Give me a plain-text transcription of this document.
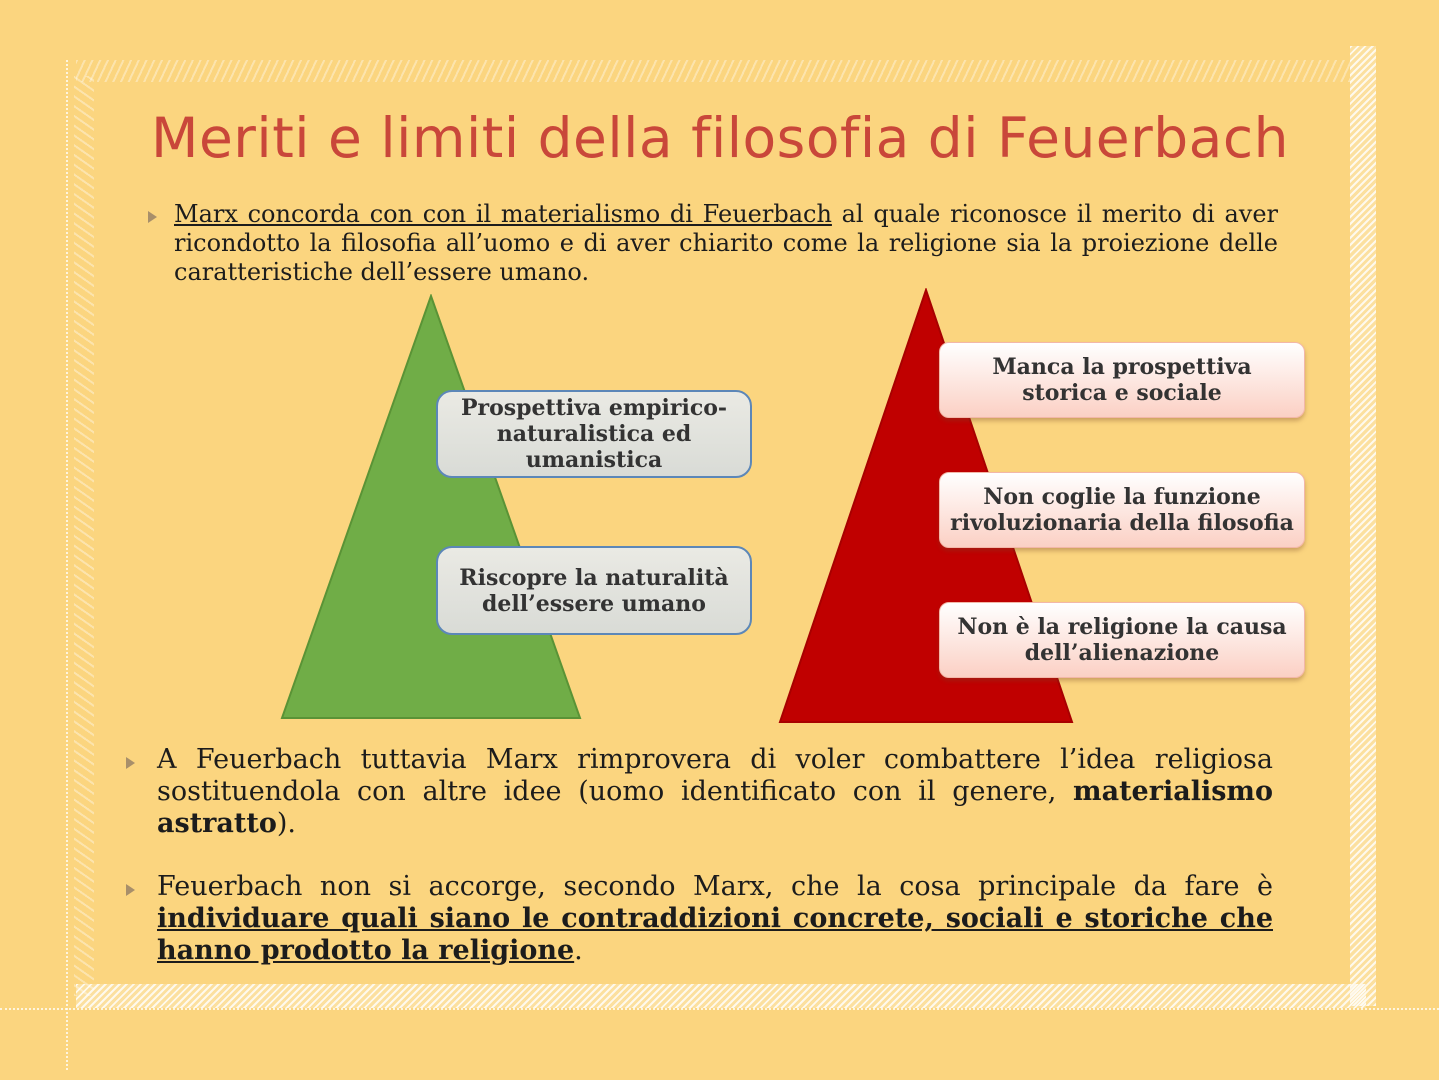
Meriti e limiti della filosofia di Feuerbach
Marx concorda con con il materialismo di Feuerbach al quale riconosce il merito di aver ricondotto la filosofia all’uomo e di aver chiarito come la religione sia la proiezione delle caratteristiche dell’essere umano.
Prospettiva empirico-naturalistica ed umanistica
Riscopre la naturalità dell’essere umano
Manca la prospettiva storica e sociale
Non coglie la funzione rivoluzionaria della filosofia
Non è la religione la causa dell’alienazione
A Feuerbach tuttavia Marx rimprovera di voler combattere l’idea religiosa sostituendola con altre idee (uomo identificato con il genere, materialismo astratto).
Feuerbach non si accorge, secondo Marx, che la cosa principale da fare è individuare quali siano le contraddizioni concrete, sociali e storiche che hanno prodotto la religione.
